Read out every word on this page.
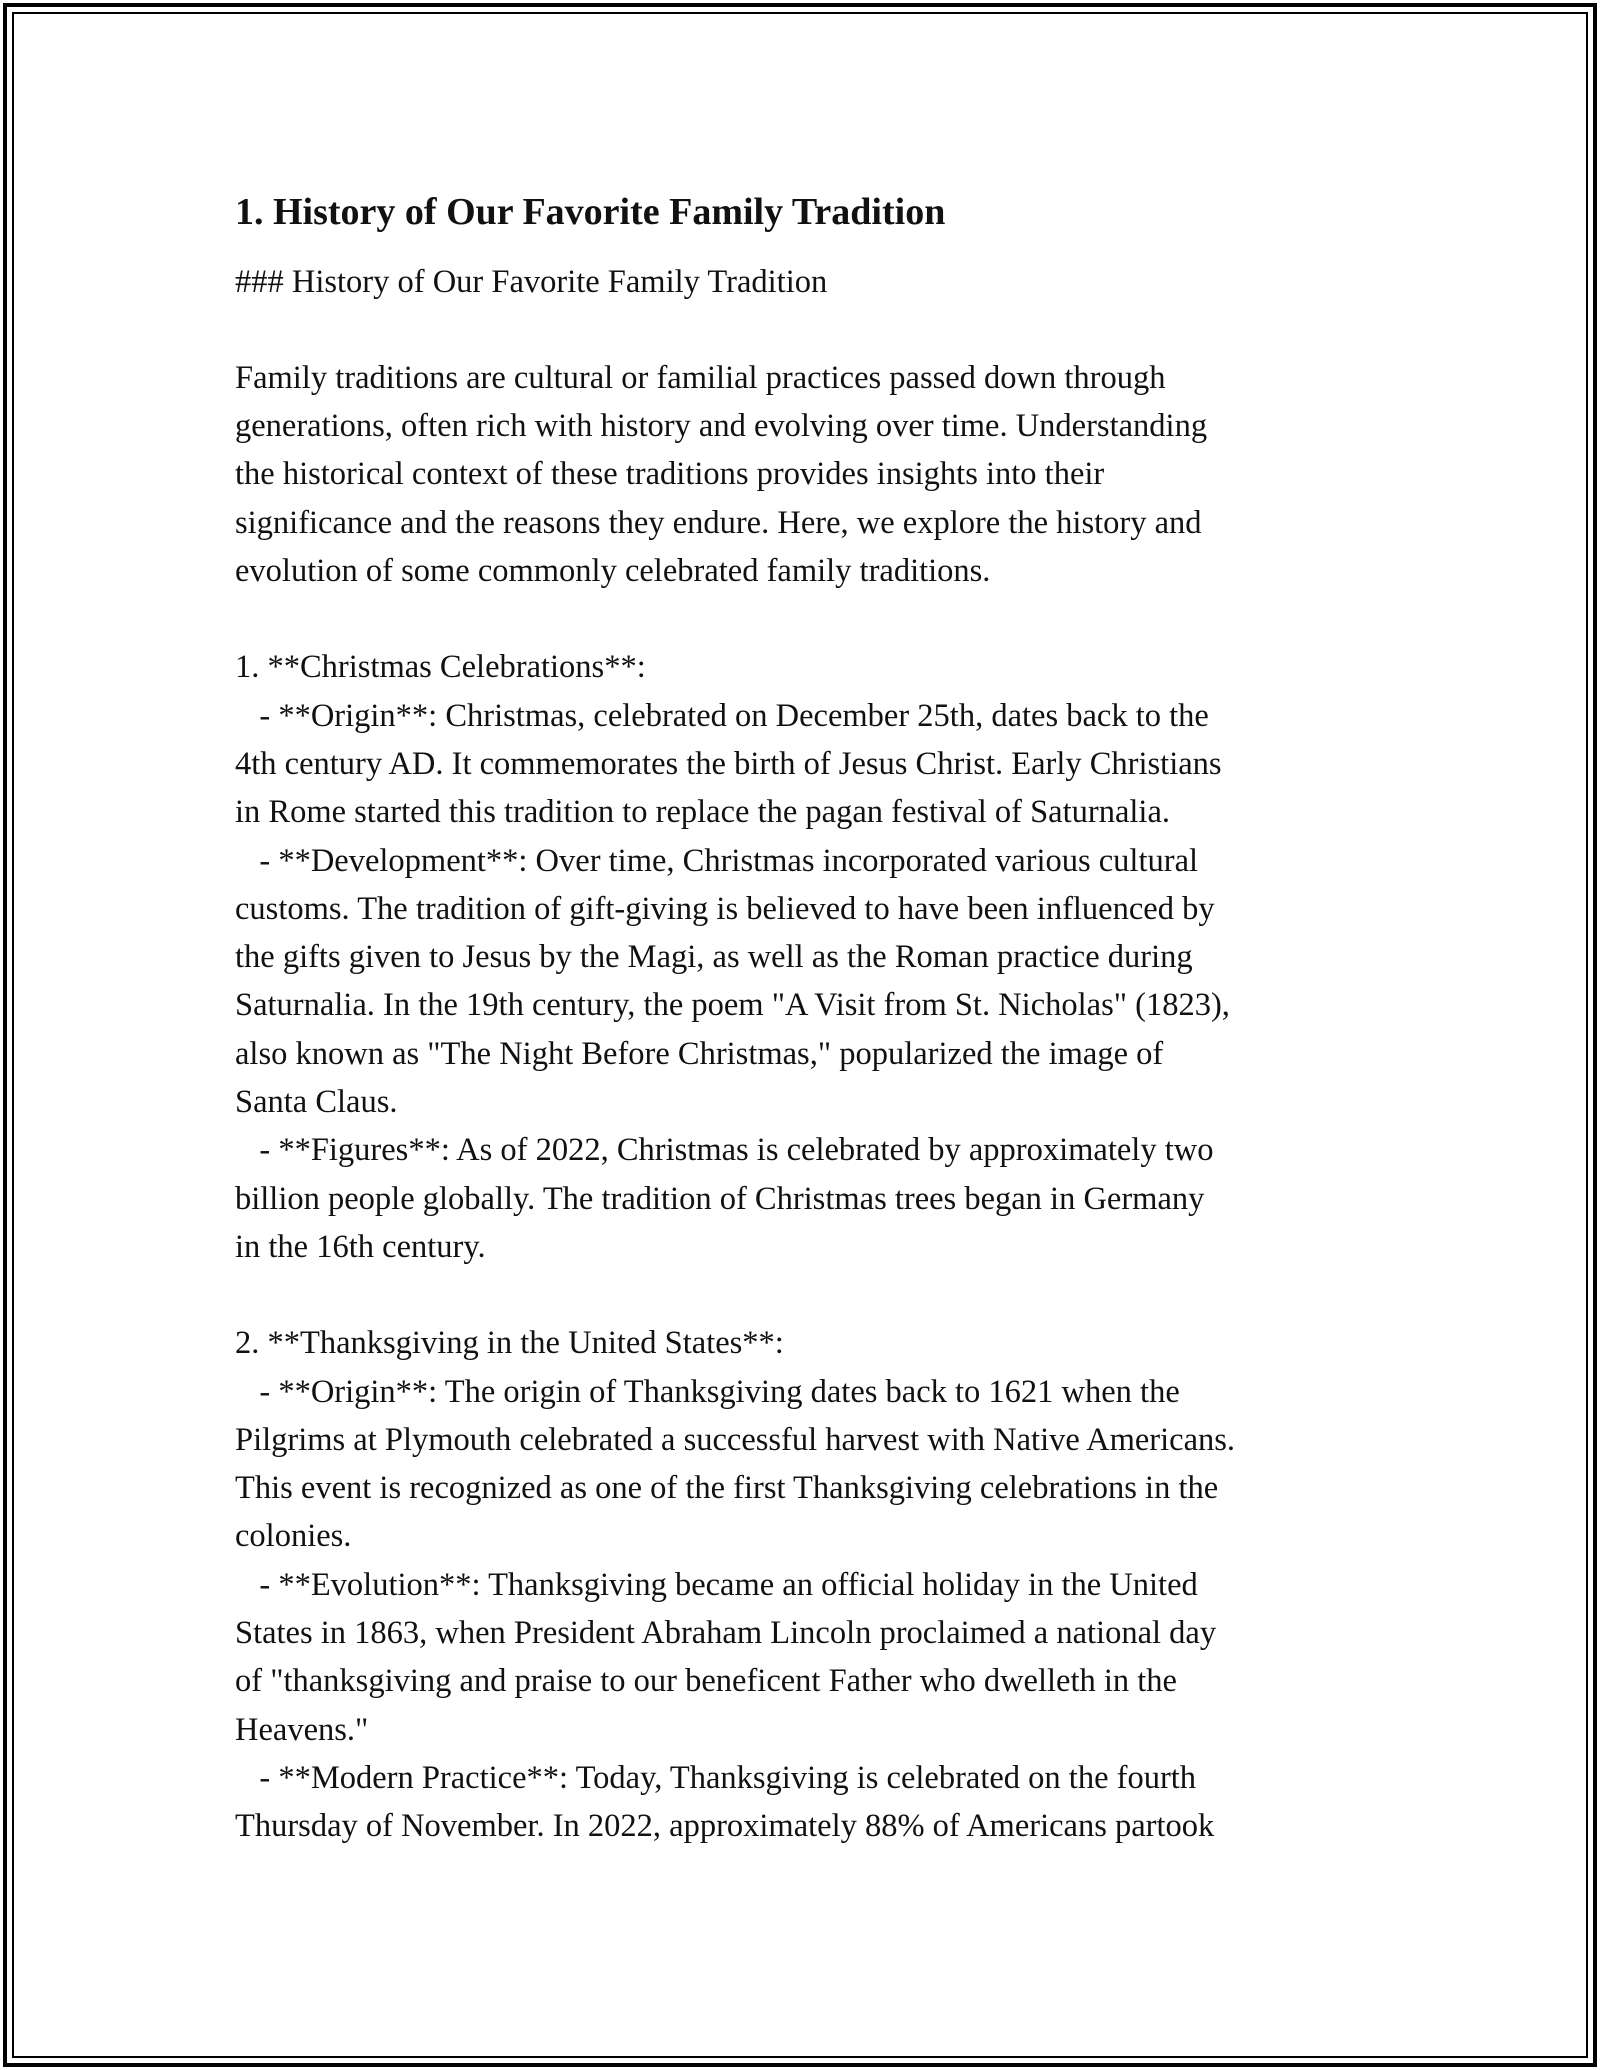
1. History of Our Favorite Family Tradition

### History of Our Favorite Family Tradition

Family traditions are cultural or familial practices passed down through

generations, often rich with history and evolving over time. Understanding

the historical context of these traditions provides insights into their

significance and the reasons they endure. Here, we explore the history and

evolution of some commonly celebrated family traditions.

1. **Christmas Celebrations**:

- **Origin**: Christmas, celebrated on December 25th, dates back to the

4th century AD. It commemorates the birth of Jesus Christ. Early Christians

in Rome started this tradition to replace the pagan festival of Saturnalia.

- **Development**: Over time, Christmas incorporated various cultural

customs. The tradition of gift-giving is believed to have been influenced by

the gifts given to Jesus by the Magi, as well as the Roman practice during

Saturnalia. In the 19th century, the poem "A Visit from St. Nicholas" (1823),

also known as "The Night Before Christmas," popularized the image of

Santa Claus.

- **Figures**: As of 2022, Christmas is celebrated by approximately two

billion people globally. The tradition of Christmas trees began in Germany

in the 16th century.

2. **Thanksgiving in the United States**:

- **Origin**: The origin of Thanksgiving dates back to 1621 when the

Pilgrims at Plymouth celebrated a successful harvest with Native Americans.

This event is recognized as one of the first Thanksgiving celebrations in the

colonies.

- **Evolution**: Thanksgiving became an official holiday in the United

States in 1863, when President Abraham Lincoln proclaimed a national day

of "thanksgiving and praise to our beneficent Father who dwelleth in the

Heavens."

- **Modern Practice**: Today, Thanksgiving is celebrated on the fourth

Thursday of November. In 2022, approximately 88% of Americans partook
